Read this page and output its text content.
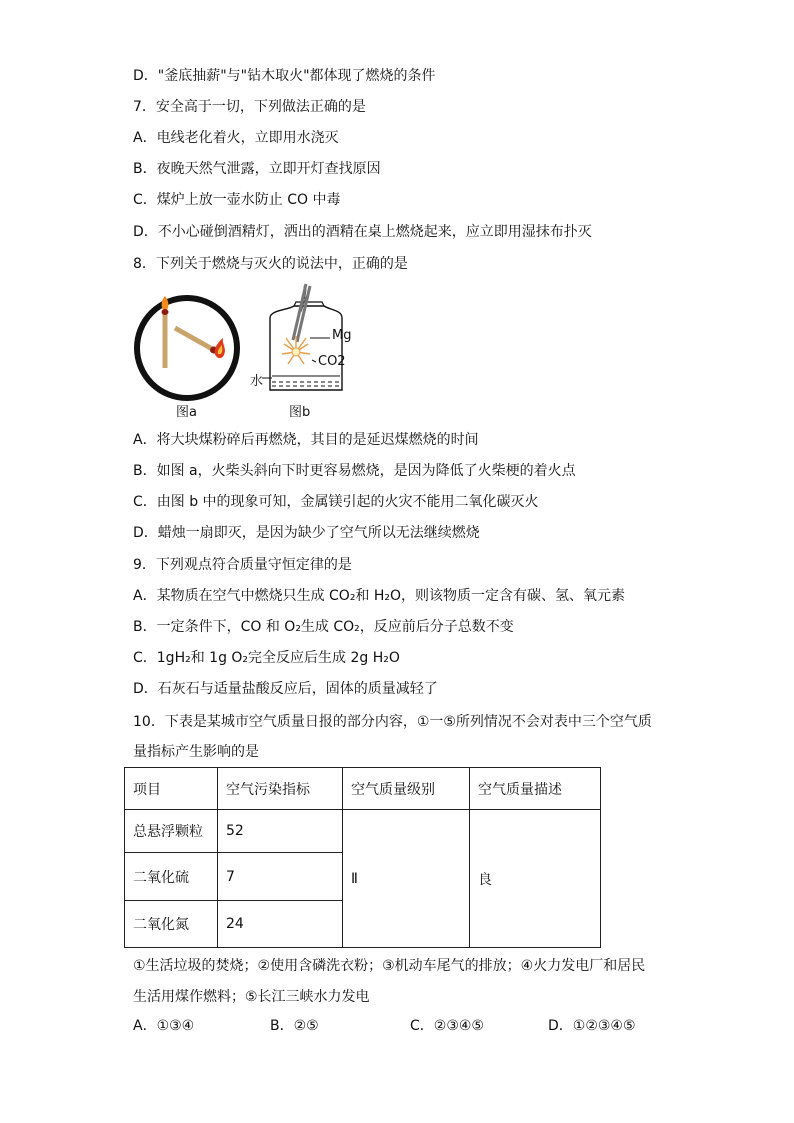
D．"釜底抽薪"与"钻木取火"都体现了燃烧的条件
7．安全高于一切，下列做法正确的是
A．电线老化着火，立即用水浇灭
B．夜晚天然气泄露，立即开灯查找原因
C．煤炉上放一壶水防止 CO 中毒
D．不小心碰倒酒精灯，洒出的酒精在桌上燃烧起来，应立即用湿抹布扑灭
8．下列关于燃烧与灭火的说法中，正确的是
图a
Mg
CO2
水
图b
A．将大块煤粉碎后再燃烧，其目的是延迟煤燃烧的时间
B．如图 a，火柴头斜向下时更容易燃烧，是因为降低了火柴梗的着火点
C．由图 b 中的现象可知，金属镁引起的火灾不能用二氧化碳灭火
D．蜡烛一扇即灭，是因为缺少了空气所以无法继续燃烧
9．下列观点符合质量守恒定律的是
A．某物质在空气中燃烧只生成 CO₂和 H₂O，则该物质一定含有碳、氢、氧元素
B．一定条件下，CO 和 O₂生成 CO₂，反应前后分子总数不变
C．1gH₂和 1g O₂完全反应后生成 2g H₂O
D．石灰石与适量盐酸反应后，固体的质量减轻了
10．下表是某城市空气质量日报的部分内容，①一⑤所列情况不会对表中三个空气质
量指标产生影响的是
项目	空气污染指标	空气质量级别	空气质量描述
总悬浮颗粒	52	Ⅱ	良
二氧化硫	7		
二氧化氮	24		
①生活垃圾的焚烧；②使用含磷洗衣粉；③机动车尾气的排放；④火力发电厂和居民
生活用煤作燃料；⑤长江三峡水力发电
A．①③④	B．②⑤	C．②③④⑤	D．①②③④⑤
